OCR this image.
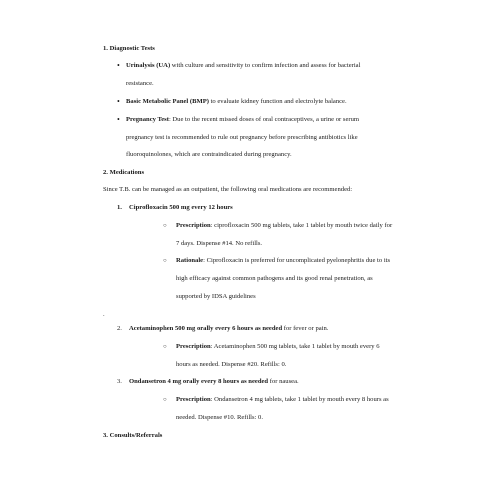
1. Diagnostic Tests
• Urinalysis (UA) with culture and sensitivity to confirm infection and assess for bacterial
resistance.
• Basic Metabolic Panel (BMP) to evaluate kidney function and electrolyte balance.
• Pregnancy Test: Due to the recent missed doses of oral contraceptives, a urine or serum
pregnancy test is recommended to rule out pregnancy before prescribing antibiotics like
fluoroquinolones, which are contraindicated during pregnancy.
2. Medications
Since T.B. can be managed as an outpatient, the following oral medications are recommended:
1. Ciprofloxacin 500 mg every 12 hours
○ Prescription: ciprofloxacin 500 mg tablets, take 1 tablet by mouth twice daily for
7 days. Dispense #14. No refills.
○ Rationale: Ciprofloxacin is preferred for uncomplicated pyelonephritis due to its
high efficacy against common pathogens and its good renal penetration, as
supported by IDSA guidelines
.
2. Acetaminophen 500 mg orally every 6 hours as needed for fever or pain.
○ Prescription: Acetaminophen 500 mg tablets, take 1 tablet by mouth every 6
hours as needed. Dispense #20. Refills: 0.
3. Ondansetron 4 mg orally every 8 hours as needed for nausea.
○ Prescription: Ondansetron 4 mg tablets, take 1 tablet by mouth every 8 hours as
needed. Dispense #10. Refills: 0.
3. Consults/Referrals
